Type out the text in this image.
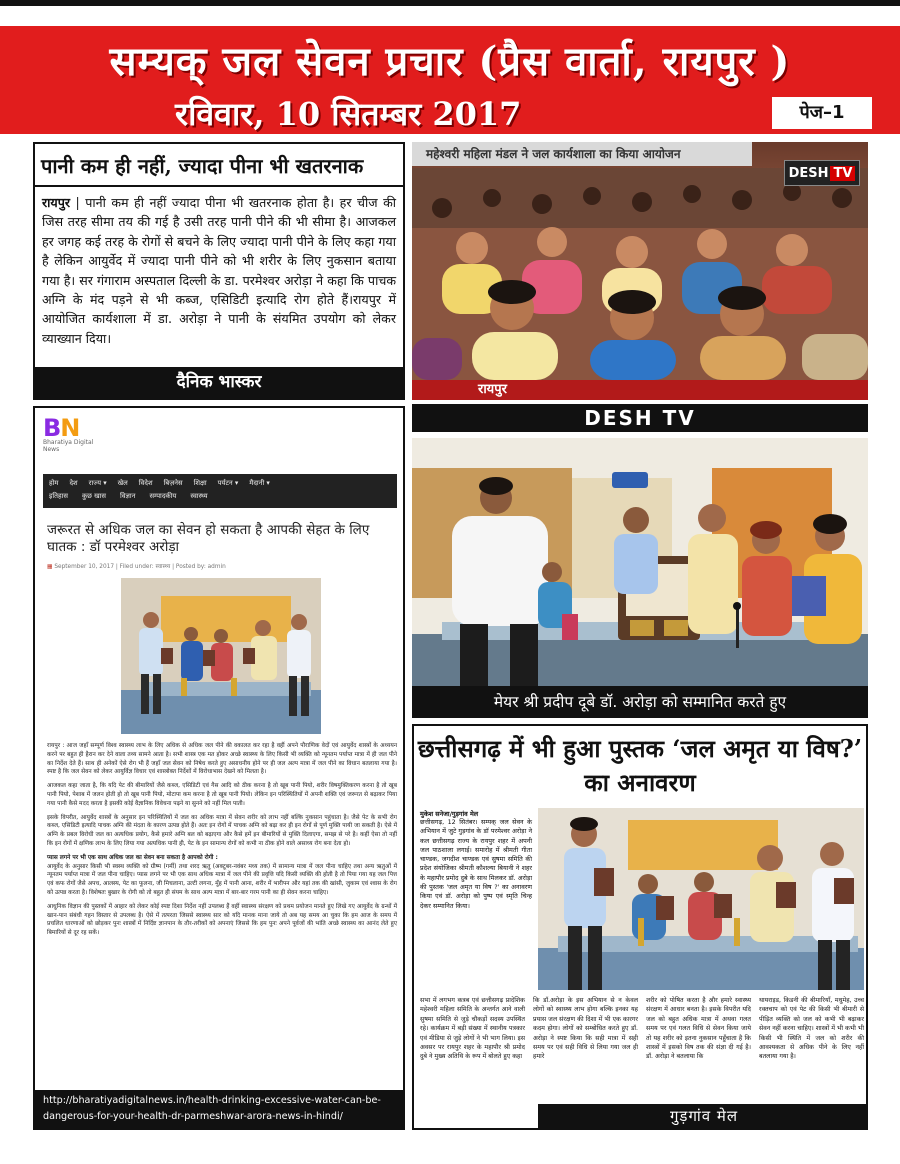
सम्यक् जल सेवन प्रचार (प्रैस वार्ता, रायपुर )
रविवार, 10 सितम्बर 2017	पेज–1
पानी कम ही नहीं, ज्यादा पीना भी खतरनाक
रायपुर | पानी कम ही नहीं ज्यादा पीना भी खतरनाक होता है। हर चीज की जिस तरह सीमा तय की गई है उसी तरह पानी पीने की भी सीमा है। आजकल हर जगह कई तरह के रोगों से बचने के लिए ज्यादा पानी पीने के लिए कहा गया है लेकिन आयुर्वेद में ज्यादा पानी पीने को भी शरीर के लिए नुकसान बताया गया है। सर गंगाराम अस्पताल दिल्ली के डा. परमेश्वर अरोड़ा ने कहा कि पाचक अग्नि के मंद पड़ने से भी कब्ज, एसिडिटी इत्यादि रोग होते हैं।रायपुर में आयोजित कार्यशाला में डा. अरोड़ा ने पानी के संयमित उपयोग को लेकर व्याख्यान दिया।
दैनिक भास्कर
महेश्वरी महिला मंडल ने जल कार्यशाला का किया आयोजन
DESH TV
रायपुर
DESH TV
BN
Bharatiya Digital News
होम देश राज्य ▾ खेल विदेश बिज़नेस शिक्षा पर्यटन ▾ मैदानी ▾
इतिहास कुछ खास विज्ञान सम्पादकीय स्वास्थ्य
जरूरत से अधिक जल का सेवन हो सकता है आपकी सेहत के लिए घातक : डॉ परमेश्वर अरोड़ा
▦ September 10, 2017 | Filed under: स्वास्थ्य | Posted by: admin

रायपुर : आज जहाँ सम्पूर्ण विश्व स्वास्थ्य लाभ के लिए अधिक से अधिक जल पीने की वकालत कर रहा है वहीं अपने पौराणिक वेदों एवं आयुर्वेद शास्त्रों के अध्ययन करने पर बहुत ही हैरान कर देने वाला तथ्य सामने आता है। सभी शास्त्र एक मत होकर अच्छे स्वास्थ्य के लिए किसी भी व्यक्ति को न्यूनतम पर्याप्त मात्रा में ही जल पीने का निर्देश देते हैं। साथ ही अनेकों ऐसे रोग भी हैं जहाँ जल सेवन को निषेध करते हुए असाधनीय होने पर ही जल अल्प मात्रा में जल पीने का विधान बतलाया गया है। स्पष्ट है कि जल सेवन को लेकर आयुर्विज्ञ विचार एवं शास्त्रोक्त निर्देशों में विरोधाभास देखने को मिलता है।

आजकल कहा जाता है, कि यदि पेट की बीमारियों जैसे कब्ज, एसिडिटी एवं गैस आदि को ठीक करना है तो खूब पानी पियो, शरीर विषमुक्तिकरण करना है तो खूब पानी पियो, पेशाब में जलन होती हो तो खूब पानी पियो, मोटापा कम करना है तो खूब पानी पियो। लेकिन इन परिस्थितियों में अपनी शक्ति एवं जरूरत से बढ़ाकर पिया गया पानी कैसे मदद करता है इसकी कोई वैज्ञानिक विवेचना पढ़ने या सुनने को नहीं मिल पाती।

इसके विपरीत, आयुर्वेद शास्त्रों के अनुसार इन परिस्थितियों में जल का अधिक मात्रा में सेवन शरीर को लाभ नहीं बल्कि नुकसान पहुंचाता है। जैसे पेट के सभी रोग कब्ज, एसिडिटी इत्यादि पाचक अग्नि की मंदता के कारण उत्पन्न होते हैं। अतः इन रोगों में पाचक अग्नि को बढ़ा कर ही इन रोगों से पूर्ण मुक्ति पायी जा सकती है। ऐसे में अग्नि के प्रबल विरोधी जल का अत्यधिक प्रयोग, कैसे हमारे अग्नि बल को बढ़ाएगा और कैसे हमें इन बीमारियों से मुक्ति दिलाएगा, समझ से परे है। कहीं ऐसा तो नहीं कि इन रोगों में क्षणिक लाभ के लिए लिया गया अत्यधिक पानी ही, पेट के इन सामान्य रोगों को कभी ना ठीक होने वाले असाध्य रोग बना देता हो।

प्यास लगने पर भी एक साथ अधिक जल का सेवन बना सकता है आपको रोगी :
आयुर्वेद के अनुसार किसी भी स्वस्थ व्यक्ति को ग्रीष्म (गर्मी) तथा शरद ऋतु (अक्टूबर-नवंबर मध्य तक) में सामान्य मात्रा में जल पीना चाहिए तथा अन्य ऋतुओं में न्यूनतम पर्याप्त मात्रा में जल पीना चाहिए। प्यास लगने पर भी एक साथ अधिक मात्रा में जल पीने की प्रवृत्ति यदि किसी व्यक्ति की होती है तो पिया गया यह जल पित्त एवं कफ रोगों जैसे अपच, आलस्य, पेट का फूलना, जी मिचलाना, उल्टी लगना, मुँह में पानी आना, शरीर में भारीपन और यहां तक की खांसी, जुकाम एवं श्वास के रोग को उत्पन्न करता है। विशेषतः बुखार के रोगी को तो बहुत ही संयम के साथ अल्प मात्रा में बार-बार गरम पानी का ही सेवन करना चाहिए।

आधुनिक विज्ञान की पुस्तकों में आहार को लेकर कोई स्पष्ट दिशा निर्देश नहीं उपलब्ध हैं वहीं स्वास्थ्य संरक्षण को प्रथम प्रयोजन मानते हुए लिखे गए आयुर्वेद के ग्रन्थों में खान-पान संबंधी गहन विस्तार से उपलब्ध है। ऐसे में तत्परता जिससे स्वास्थ्य सार को यदि मानक माना जाये तो अब यह समय आ चुका कि हम आज के समय में प्रचलित धारणाओं को छोड़कर पुनः शास्त्रों में निर्दिष्ट ज्ञानपान के तौर-तरीकों को अपनाएं जिससे कि हम पुनः अपने पूर्वजों की भांति अच्छे स्वास्थ्य का आनंद लेते हुए बिमारियों से दूर रह सकें।

http://bharatiyadigitalnews.in/health-drinking-excessive-water-can-be-dangerous-for-your-health-dr-parmeshwar-arora-news-in-hindi/
मेयर श्री प्रदीप दूबे डॉ. अरोड़ा को सम्मानित करते हुए
छत्तीसगढ़ में भी हुआ पुस्तक ‘जल अमृत या विष?’ का अनावरण
मुकेश सनेजा/गुड़गांव मेल
छत्तीसगढ़, 12 सितंबर। सम्यक् जल सेवन के अभियान में जुटे गुड़गांव के डॉ परमेश्वर अरोड़ा ने कल छत्तीसगढ़ राज्य के रायपुर शहर में अपनी जल पाठशाला लगाई। समारोह में श्रीमती गीता चाण्डक, जगदीश चाण्डक एवं सुषमा समिति की प्रदेश संयोजिका श्रीमती कौशल्या बियानी ने शहर के महापौर प्रमोद दुबे के साथ मिलकर डॉ. अरोड़ा की पुस्तक 'जल अमृत या विष ?' का अनावरण किया एवं डॉ. अरोड़ा को पुष्प एवं स्मृति चिन्ह देकर सम्मानित किया।
सभा में लगभग कत्रब एवं छत्तीसगढ़ प्रादेशिक महेश्वरी महिला समिति के अन्तर्गत आने वाली सुषमा समिति से जुड़े चौकड़ों सदस्य उपस्थित रहे। कार्यक्रम में बड़ी संख्या में स्थानीय पत्रकार एवं मीडिया से जुड़े लोगों ने भी भाग लिया। इस अवसर पर रायपुर शहर के महापौर श्री प्रमोद दुबे ने मुख्य अतिथि के रूप में बोलते हुए कहा
कि डॉ.अरोड़ा के इस अभियान से न केवल लोगों को स्वास्थ्य लाभ होगा बल्कि इनका यह प्रयास जल संरक्षण की दिशा में भी एक कारगर कदम होगा। लोगों को सम्बोधित करते हुए डॉ. अरोड़ा ने स्पष्ट किया कि सही मात्रा में सही समय पर एवं सही विधि से लिया गया जल ही हमारे
शरीर को पोषित करता है और हमारे स्वास्थ्य संरक्षण में आधार बनता है। इसके विपरीत यदि जल को बहुत अधिक मात्रा में अथवा गलत समय पर एवं गलत विधि से सेवन किया जाये तो यह शरीर को इतना नुकसान पहुँचाता है कि शास्त्रों में इसको विष तक की संज्ञा दी गई है। डॉ. अरोड़ा ने बतलाया कि
थायराइड, किडनी की बीमारियाँ, मधुमेह, उच्च रक्तचाप को एवं पेट की किसी भी बीमारी से पीड़ित व्यक्ति को जल को कभी भी बढ़ाकर सेवन नहीं करना चाहिए। शास्त्रों में भी कभी भी किसी भी स्थिति में जल को शरीर की आवश्यकता से अधिक पीने के लिए नहीं बतलाया गया है।
गुड़गांव मेल
